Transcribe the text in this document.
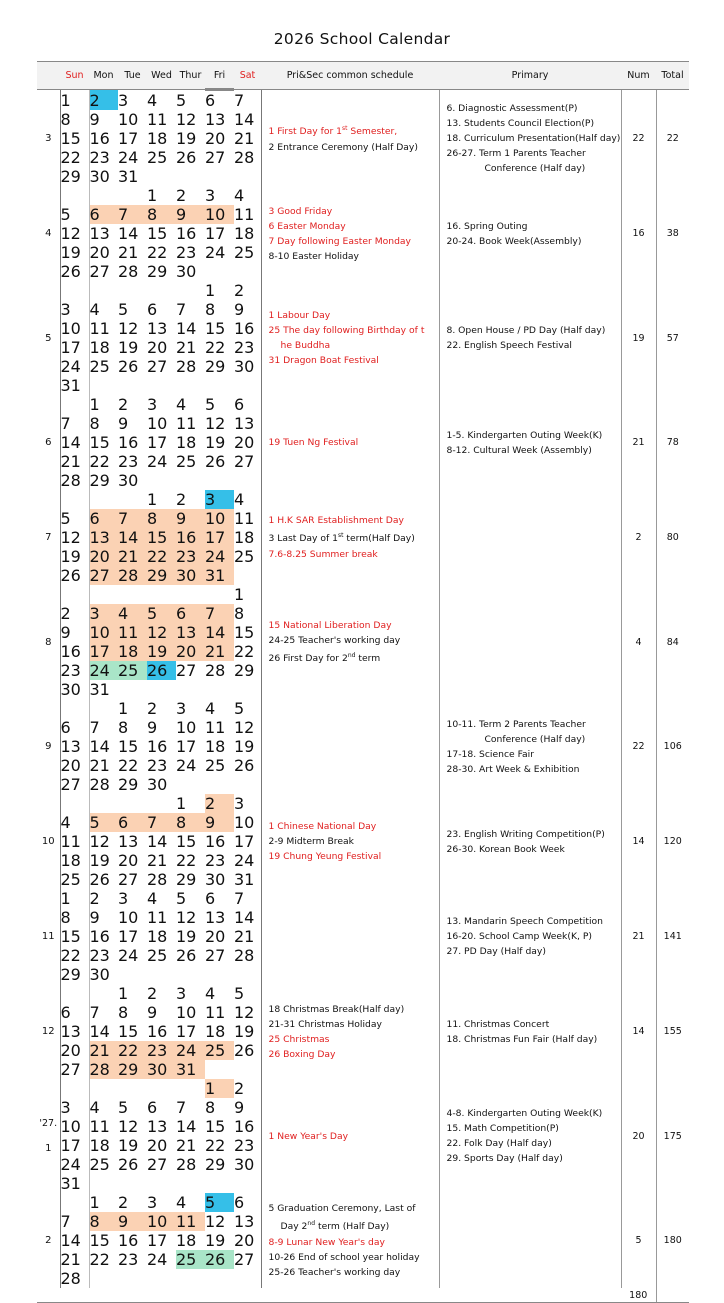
2026 School Calendar
	Sun	Mon	Tue	Wed	Thur	Fri	Sat	Pri&Sec common schedule	Primary	Num	Total
3	1	2	3	4	5	6	7	1 First Day for 1st Semester,
2 Entrance Ceremony (Half Day)	6. Diagnostic Assessment(P)
13. Students Council Election(P)
18. Curriculum Presentation(Half day)
26-27. Term 1 Parents Teacher
Conference (Half day)	22	22
	8	9	10	11	12	13	14				
	15	16	17	18	19	20	21				
	22	23	24	25	26	27	28				
	29	30	31								
4				1	2	3	4	3 Good Friday
6 Easter Monday
7 Day following Easter Monday
8-10 Easter Holiday	16. Spring Outing
20-24. Book Week(Assembly)	16	38
	5	6	7	8	9	10	11				
	12	13	14	15	16	17	18				
	19	20	21	22	23	24	25				
	26	27	28	29	30						
5						1	2	1 Labour Day
25 The day following Birthday of t
he Buddha
31 Dragon Boat Festival	8. Open House / PD Day (Half day)
22. English Speech Festival	19	57
	3	4	5	6	7	8	9				
	10	11	12	13	14	15	16				
	17	18	19	20	21	22	23				
	24	25	26	27	28	29	30				
	31										
6		1	2	3	4	5	6	19 Tuen Ng Festival	1-5. Kindergarten Outing Week(K)
8-12. Cultural Week (Assembly)	21	78
	7	8	9	10	11	12	13				
	14	15	16	17	18	19	20				
	21	22	23	24	25	26	27				
	28	29	30								
7				1	2	3	4	1 H.K SAR Establishment Day
3 Last Day of 1st term(Half Day)
7.6-8.25 Summer break		2	80
	5	6	7	8	9	10	11				
	12	13	14	15	16	17	18				
	19	20	21	22	23	24	25				
	26	27	28	29	30	31					
8							1	15 National Liberation Day
24-25 Teacher's working day
26 First Day for 2nd term		4	84
	2	3	4	5	6	7	8				
	9	10	11	12	13	14	15				
	16	17	18	19	20	21	22				
	23	24	25	26	27	28	29				
	30	31									
9			1	2	3	4	5		10-11. Term 2 Parents Teacher
Conference (Half day)
17-18. Science Fair
28-30. Art Week & Exhibition	22	106
	6	7	8	9	10	11	12				
	13	14	15	16	17	18	19				
	20	21	22	23	24	25	26				
	27	28	29	30							
10					1	2	3	1 Chinese National Day
2-9 Midterm Break
19 Chung Yeung Festival	23. English Writing Competition(P)
26-30. Korean Book Week	14	120
	4	5	6	7	8	9	10				
	11	12	13	14	15	16	17				
	18	19	20	21	22	23	24				
	25	26	27	28	29	30	31				
11	1	2	3	4	5	6	7		13. Mandarin Speech Competition
16-20. School Camp Week(K, P)
27. PD Day (Half day)	21	141
	8	9	10	11	12	13	14				
	15	16	17	18	19	20	21				
	22	23	24	25	26	27	28				
	29	30									
12			1	2	3	4	5	18 Christmas Break(Half day)
21-31 Christmas Holiday
25 Christmas
26 Boxing Day	11. Christmas Concert
18. Christmas Fun Fair (Half day)	14	155
	6	7	8	9	10	11	12				
	13	14	15	16	17	18	19				
	20	21	22	23	24	25	26				
	27	28	29	30	31						

'27.
1						1	2	1 New Year's Day	4-8. Kindergarten Outing Week(K)
15. Math Competition(P)
22. Folk Day (Half day)
29. Sports Day (Half day)	20	175
	3	4	5	6	7	8	9				
	10	11	12	13	14	15	16				
	17	18	19	20	21	22	23				
	24	25	26	27	28	29	30				
	31										
2		1	2	3	4	5	6	5 Graduation Ceremony, Last of
Day 2nd term (Half Day)
8-9 Lunar New Year's day
10-26 End of school year holiday
25-26 Teacher's working day		5	180
	7	8	9	10	11	12	13				
	14	15	16	17	18	19	20				
	21	22	23	24	25	26	27				
	28										
										180	
